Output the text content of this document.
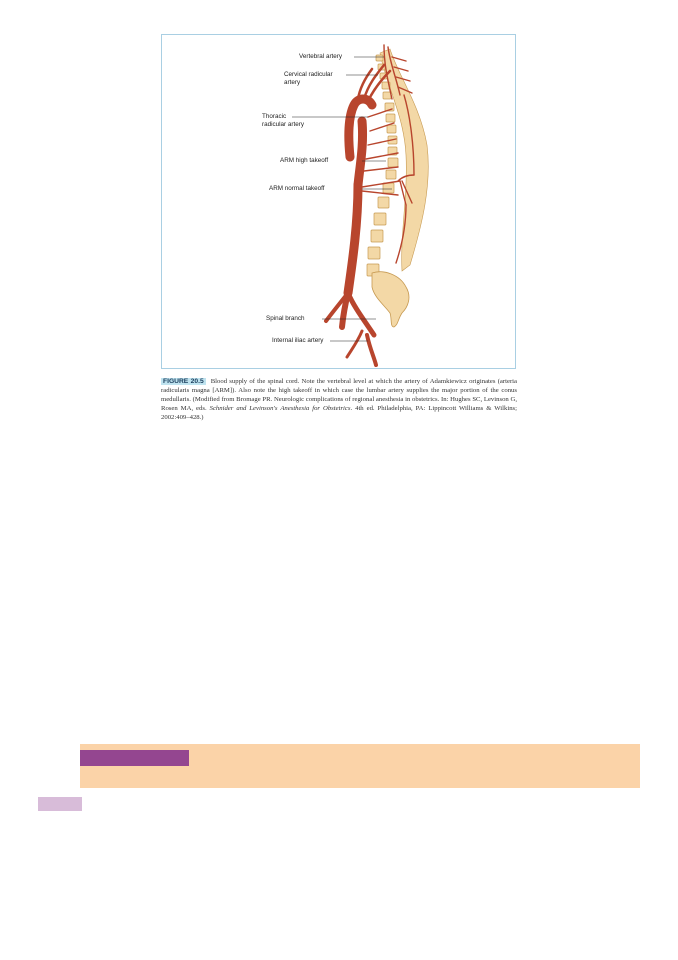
Vertebral artery
Cervical radicular
artery
Thoracic
radicular artery
ARM high takeoff
ARM normal takeoff
Spinal branch
Internal iliac artery
FIGURE 20.5 Blood supply of the spinal cord. Note the vertebral level at which the artery of Adamkiewicz originates (arteria radicularis magna [ARM]). Also note the high takeoff in which case the lumbar artery supplies the major portion of the conus medullaris. (Modified from Bromage PR. Neurologic complications of regional anesthesia in obstetrics. In: Hughes SC, Levinson G, Rosen MA, eds. Schnider and Levinson's Anesthesia for Obstetrics. 4th ed. Philadelphia, PA: Lippincott Williams & Wilkins; 2002:409–428.)
